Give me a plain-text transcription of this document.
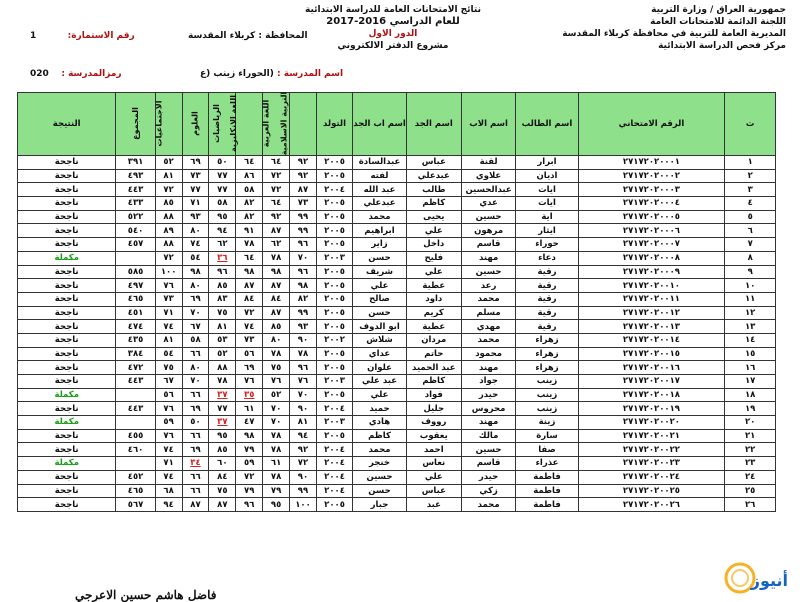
جمهورية العراق / وزارة التربية
اللجنة الدائمة للامتحانات العامة
المديرية العامة للتربية في محافظة كربلاء المقدسة
مركز فحص الدراسة الابتدائية
نتائج الامتحانات العامة للدراسة الابتدائية
للعام الدراسي 2016-2017
الدور الاول
مشروع الدفتر الالكتروني
المحافظة : كربلاء المقدسة
رقم الاستمارة:          1
اسم المدرسة : (الحوراء زينب (ع
رمزالمدرسة :    020
ت	الرقم الامتحاني	اسم الطالب	اسم الاب	اسم الجد	اسم اب الجد	التولد	التربية الاسلامية	اللغة العربية	اللغة الانكليزية	الرياضيات	العلوم	الاجتماعيات	المجموع	النتيجة
١	٢٧١٧٢٠٢٠٠٠١	ابرار	لقنة	عباس	عبدالسادة	٢٠٠٥	٩٢	٦٤	٦٤	٥٠	٦٩	٥٢	٣٩١	ناجحة
٢	٢٧١٧٢٠٢٠٠٠٢	ادیان	علاوي	عبدعلي	لفته	٢٠٠٥	٩٢	٧٢	٨٦	٧٧	٧٣	٨١	٤٩٣	ناجحة
٣	٢٧١٧٢٠٢٠٠٠٣	ايات	عبدالحسين	طالب	عبد الله	٢٠٠٤	٨٧	٧٢	٥٨	٧٧	٧٧	٧٢	٤٤٣	ناجحة
٤	٢٧١٧٢٠٢٠٠٠٤	ايات	عدي	كاظم	عبدعلي	٢٠٠٥	٧٣	٦٤	٨٢	٥٨	٧١	٨٥	٤٣٣	ناجحة
٥	٢٧١٧٢٠٢٠٠٠٥	اية	حسين	يحيى	محمد	٢٠٠٥	٩٩	٩٢	٨٢	٩٥	٩٣	٨٨	٥٢٢	ناجحة
٦	٢٧١٧٢٠٢٠٠٠٦	ايثار	مرهون	علي	ابراهيم	٢٠٠٥	٩٩	٨٧	٩١	٩٤	٨٠	٨٩	٥٤٠	ناجحة
٧	٢٧١٧٢٠٢٠٠٠٧	حوراء	قاسم	داخل	زاير	٢٠٠٥	٩٦	٦٢	٧٨	٦٢	٧٤	٨٨	٤٥٧	ناجحة
٨	٢٧١٧٢٠٢٠٠٠٨	دعاء	مهند	فليح	حسن	٢٠٠٣	٧٠	٧٨	٦٤	٣٦	٥٤	٧٢		مكملة
٩	٢٧١٧٢٠٢٠٠٠٩	رقية	حسين	علي	شريف	٢٠٠٥	٩٦	٩٨	٩٨	٩٦	٩٨	١٠٠	٥٨٥	ناجحة
١٠	٢٧١٧٢٠٢٠٠١٠	رقية	رعد	عطية	علي	٢٠٠٥	٩٨	٨٧	٨٧	٨٥	٨٠	٧٦	٤٩٧	ناجحة
١١	٢٧١٧٢٠٢٠٠١١	رقية	محمد	داود	صالح	٢٠٠٥	٨٢	٨٤	٨٤	٨٣	٦٩	٧٣	٤٦٥	ناجحة
١٢	٢٧١٧٢٠٢٠٠١٢	رقية	مسلم	كريم	حسن	٢٠٠٥	٩٩	٨٧	٧٢	٧٥	٧٠	٧١	٤٥١	ناجحة
١٣	٢٧١٧٢٠٢٠٠١٣	رقية	مهدي	عطية	ابو الدوف	٢٠٠٥	٩٣	٨٥	٧٤	٨١	٦٧	٧٤	٤٧٤	ناجحة
١٤	٢٧١٧٢٠٢٠٠١٤	زهراء	محمد	مردان	شلاش	٢٠٠٢	٩٠	٨٠	٧٣	٥٣	٥٨	٨١	٤٣٥	ناجحة
١٥	٢٧١٧٢٠٢٠٠١٥	زهراء	محمود	حاتم	عداي	٢٠٠٥	٧٨	٧٨	٥٦	٥٢	٦٦	٥٤	٣٨٤	ناجحة
١٦	٢٧١٧٢٠٢٠٠١٦	زهراء	مهند	عبد الحميد	علوان	٢٠٠٥	٩٦	٧٥	٦٩	٨٨	٨٠	٧٥	٤٧٢	ناجحة
١٧	٢٧١٧٢٠٢٠٠١٧	زينب	جواد	كاظم	عبد علي	٢٠٠٣	٧٦	٧٦	٧٦	٧٨	٧٠	٦٧	٤٤٣	ناجحة
١٨	٢٧١٧٢٠٢٠٠١٨	زينب	حيدر	فواد	علي	٢٠٠٥	٧٠	٥٢	٣٥	٣٧	٦٦	٥٦		مكملة
١٩	٢٧١٧٢٠٢٠٠١٩	زينب	محروس	جليل	حميد	٢٠٠٤	٩٠	٧٠	٦١	٧٧	٦٩	٧٦	٤٤٣	ناجحة
٢٠	٢٧١٧٢٠٢٠٠٢٠	زينة	مهند	رووف	هادي	٢٠٠٣	٨١	٧٠	٤٧	٣٧	٥٠	٥٩		مكملة
٢١	٢٧١٧٢٠٢٠٠٢١	سارة	مالك	يعقوب	كاظم	٢٠٠٥	٩٤	٧٨	٩٨	٩٥	٦٦	٧٦	٤٥٥	ناجحة
٢٢	٢٧١٧٢٠٢٠٠٢٢	صفا	حسين	احمد	محمد	٢٠٠٤	٩٢	٧٨	٧٩	٨٥	٦٩	٧٤	٤٦٠	ناجحة
٢٣	٢٧١٧٢٠٢٠٠٢٣	عذراء	قاسم	نعاس	خنجر	٢٠٠٤	٧٢	٦١	٥٩	٦٠	٣٤	٧١		مكملة
٢٤	٢٧١٧٢٠٢٠٠٢٤	فاطمة	حيدر	علي	حسين	٢٠٠٤	٩٠	٧٨	٧٢	٨٤	٦٦	٧٤	٤٥٢	ناجحة
٢٥	٢٧١٧٢٠٢٠٠٢٥	فاطمة	زكي	عباس	حسن	٢٠٠٤	٩٩	٧٩	٧٩	٧٥	٦٦	٦٨	٤٦٥	ناجحة
٢٦	٢٧١٧٢٠٢٠٠٢٦	فاطمة	محمد	عبد	جبار	٢٠٠٥	١٠٠	٩٥	٩٦	٨٧	٨٧	٩٤	٥٦٧	ناجحة
فاضل هاشم حسين الاعرجي
أنيوز
